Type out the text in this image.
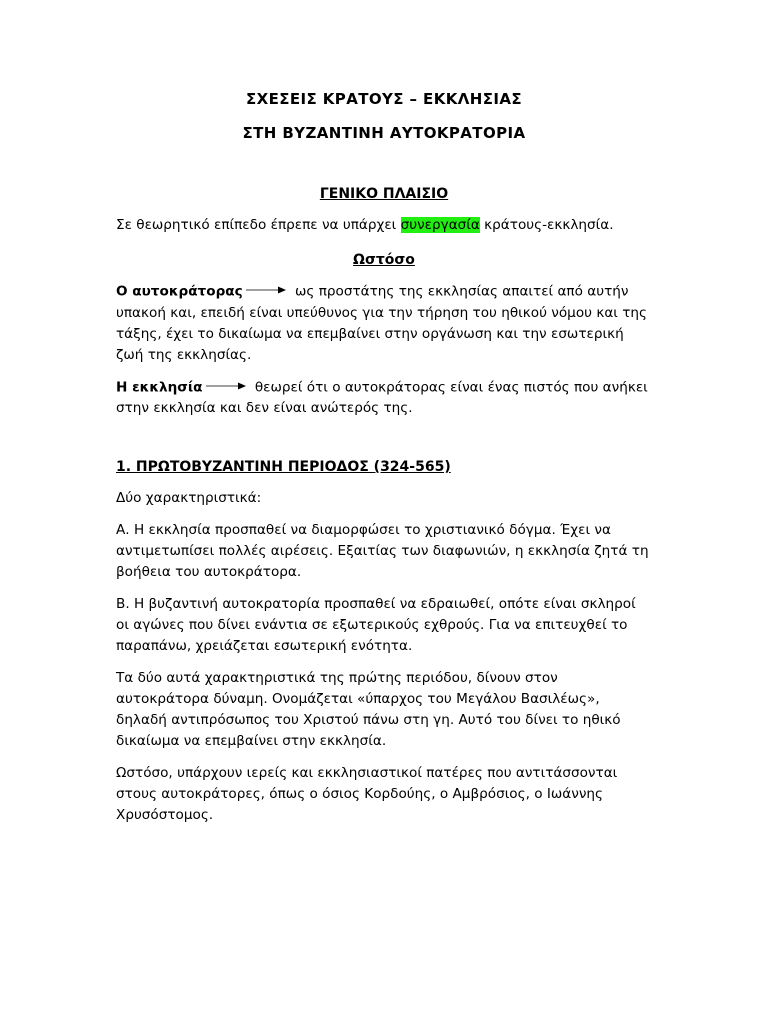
ΣΧΕΣΕΙΣ ΚΡΑΤΟΥΣ – ΕΚΚΛΗΣΙΑΣ
ΣΤΗ ΒΥΖΑΝΤΙΝΗ ΑΥΤΟΚΡΑΤΟΡΙΑ
ΓΕΝΙΚΟ ΠΛΑΙΣΙΟ

Σε θεωρητικό επίπεδο έπρεπε να υπάρχει συνεργασία κράτους-εκκλησία.

Ωστόσο

Ο αυτοκράτορας	ως προστάτης της εκκλησίας απαιτεί από αυτήν υπακοή και, επειδή είναι υπεύθυνος για την τήρηση του ηθικού νόμου και της τάξης, έχει το δικαίωμα να επεμβαίνει στην οργάνωση και την εσωτερική ζωή της εκκλησίας.

Η εκκλησία	θεωρεί ότι ο αυτοκράτορας είναι ένας πιστός που ανήκει στην εκκλησία και δεν είναι ανώτερός της.

1. ΠΡΩΤΟΒΥΖΑΝΤΙΝΗ ΠΕΡΙΟΔΟΣ (324-565)

Δύο χαρακτηριστικά:

Α. Η εκκλησία προσπαθεί να διαμορφώσει το χριστιανικό δόγμα. Έχει να αντιμετωπίσει πολλές αιρέσεις. Εξαιτίας των διαφωνιών, η εκκλησία ζητά τη βοήθεια του αυτοκράτορα.

Β. Η βυζαντινή αυτοκρατορία προσπαθεί να εδραιωθεί, οπότε είναι σκληροί οι αγώνες που δίνει ενάντια σε εξωτερικούς εχθρούς. Για να επιτευχθεί το παραπάνω, χρειάζεται εσωτερική ενότητα.

Τα δύο αυτά χαρακτηριστικά της πρώτης περιόδου, δίνουν στον αυτοκράτορα δύναμη. Ονομάζεται «ύπαρχος του Μεγάλου Βασιλέως», δηλαδή αντιπρόσωπος του Χριστού πάνω στη γη. Αυτό του δίνει το ηθικό δικαίωμα να επεμβαίνει στην εκκλησία.

Ωστόσο, υπάρχουν ιερείς και εκκλησιαστικοί πατέρες που αντιτάσσονται στους αυτοκράτορες, όπως ο όσιος Κορδούης, ο Αμβρόσιος, ο Ιωάννης Χρυσόστομος.
